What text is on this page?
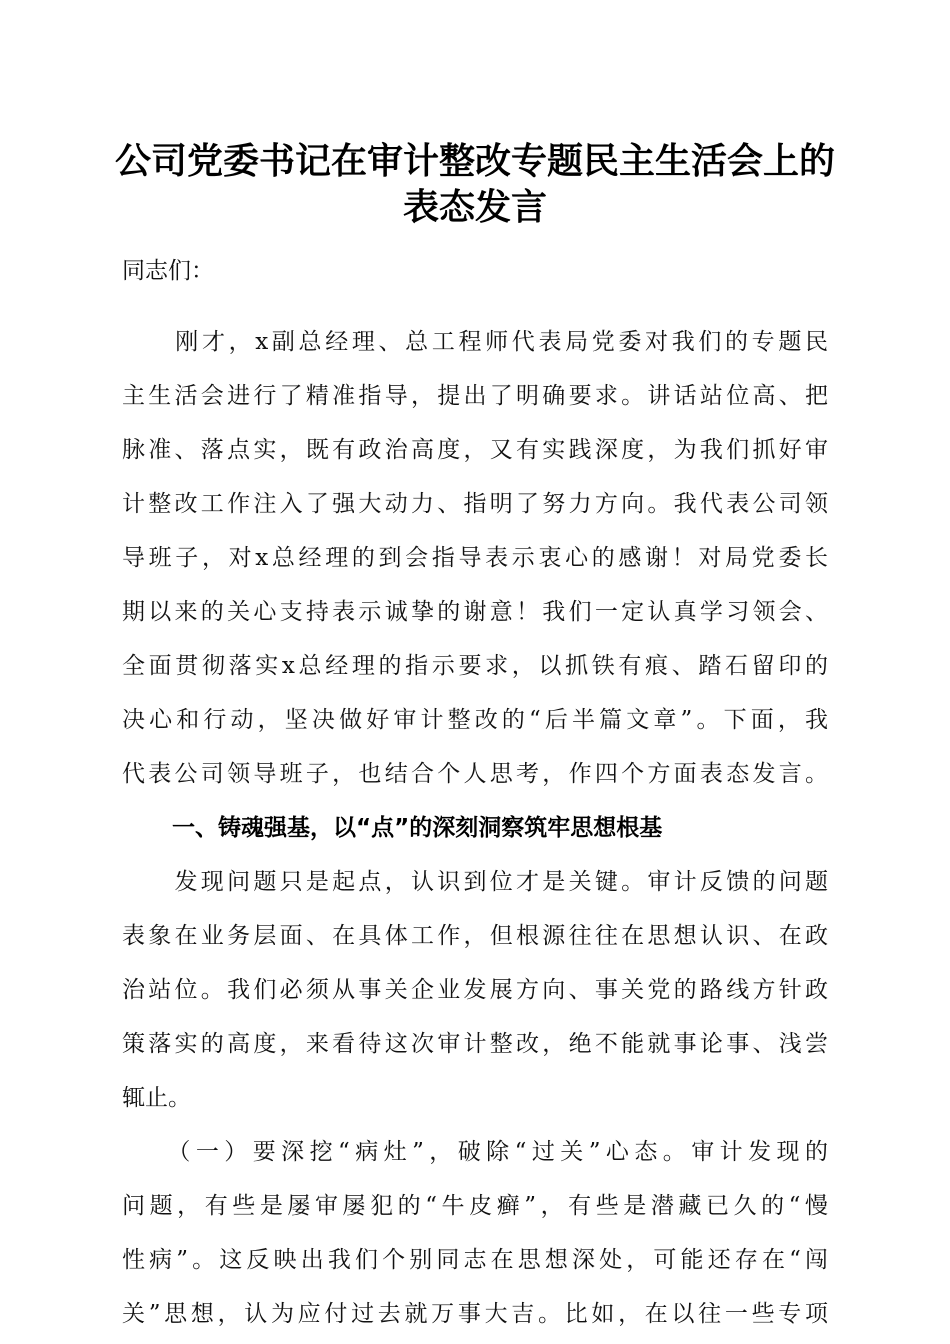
公司党委书记在审计整改专题民主生活会上的
表态发言
同志们：
　　刚才，x副总经理、总工程师代表局党委对我们的专题民
主生活会进行了精准指导，提出了明确要求。讲话站位高、把
脉准、落点实，既有政治高度，又有实践深度，为我们抓好审
计整改工作注入了强大动力、指明了努力方向。我代表公司领
导班子，对x总经理的到会指导表示衷心的感谢！对局党委长
期以来的关心支持表示诚挚的谢意！我们一定认真学习领会、
全面贯彻落实x总经理的指示要求，以抓铁有痕、踏石留印的
决心和行动，坚决做好审计整改的“后半篇文章”。下面，我
代表公司领导班子，也结合个人思考，作四个方面表态发言。
一、铸魂强基，以“点”的深刻洞察筑牢思想根基
　　发现问题只是起点，认识到位才是关键。审计反馈的问题
表象在业务层面、在具体工作，但根源往往在思想认识、在政
治站位。我们必须从事关企业发展方向、事关党的路线方针政
策落实的高度，来看待这次审计整改，绝不能就事论事、浅尝
辄止。
　　（一）要深挖“病灶”，破除“过关”心态。审计发现的
问题，有些是屡审屡犯的“牛皮癣”，有些是潜藏已久的“慢
性病”。这反映出我们个别同志在思想深处，可能还存在“闯
关”思想，认为应付过去就万事大吉。比如，在以往一些专项
